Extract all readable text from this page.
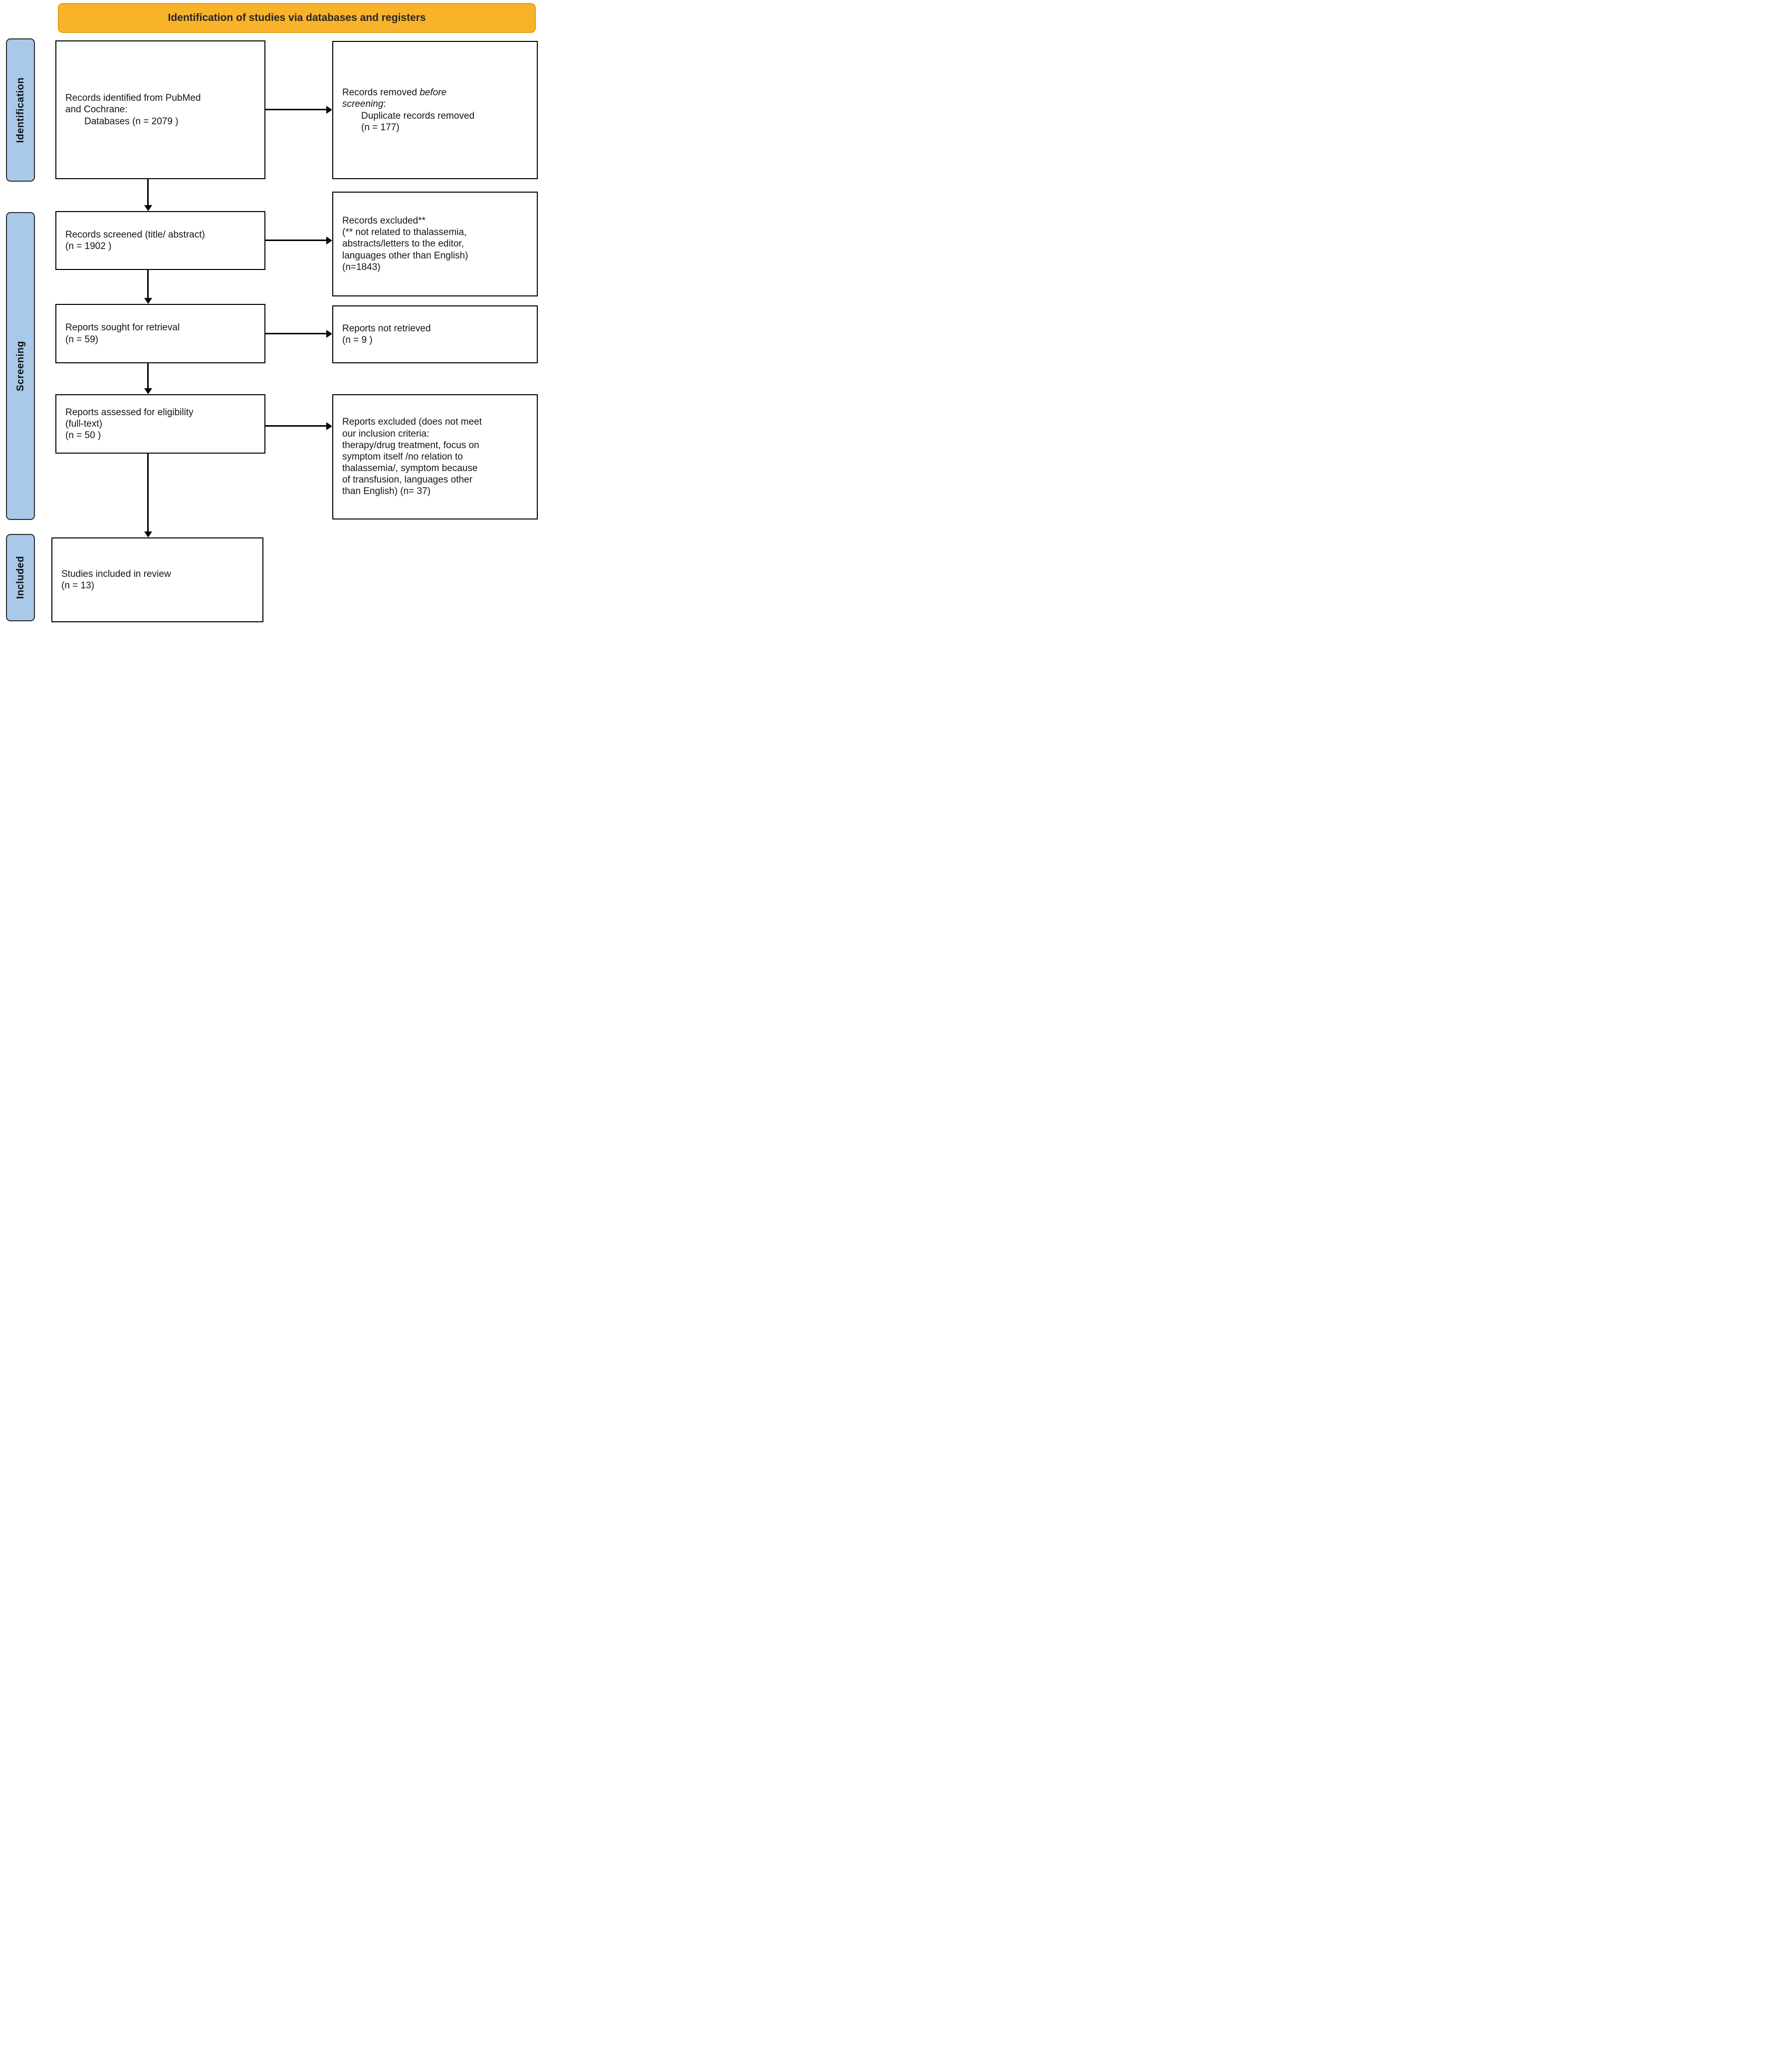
Identification of studies via databases and registers
Identification
Screening
Included
Records identified from PubMed
and Cochrane:
Databases (n = 2079 )
Records screened (title/ abstract)
(n = 1902 )
Reports sought for retrieval
(n = 59)
Reports assessed for eligibility
(full-text)
(n = 50 )
Studies included in review
(n = 13)
Records removed before
screening:
Duplicate records removed
(n = 177)
Records excluded**
(** not related to thalassemia,
abstracts/letters to the editor,
languages other than English)
(n=1843)
Reports not retrieved
(n = 9 )
Reports excluded (does not meet
our inclusion criteria:
therapy/drug treatment, focus on
symptom itself /no relation to
thalassemia/, symptom because
of transfusion, languages other
than English) (n= 37)
